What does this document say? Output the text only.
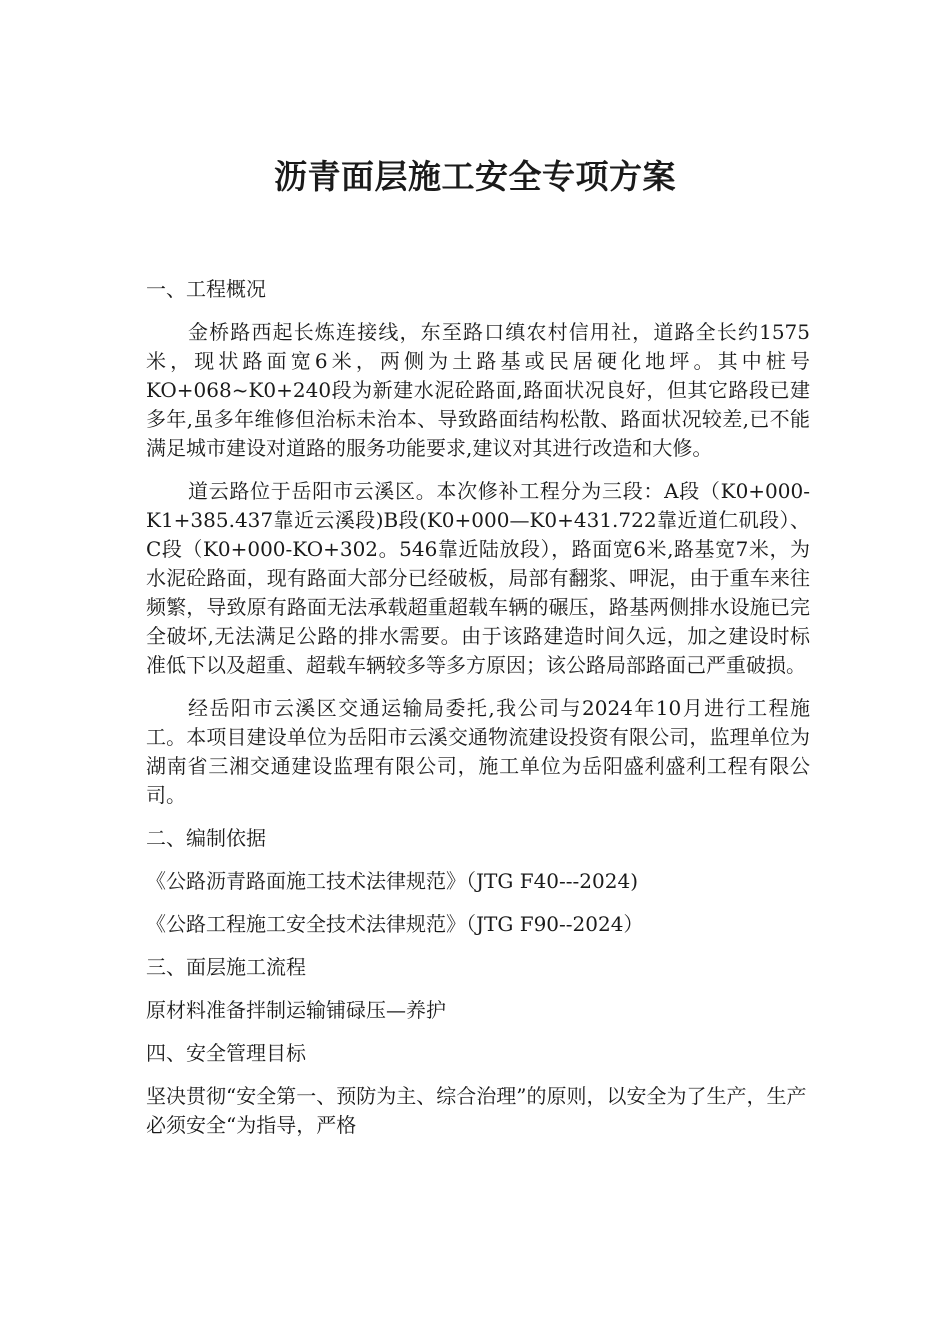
沥青面层施工安全专项方案
一、工程概况

金桥路西起长炼连接线，东至路口缜农村信用社，道路全长约1575米，现状路面宽6米，两侧为土路基或民居硬化地坪。其中桩号KO+068~K0+240段为新建水泥砼路面,路面状况良好，但其它路段已建多年,虽多年维修但治标未治本、导致路面结构松散、路面状况较差,已不能满足城市建设对道路的服务功能要求,建议对其进行改造和大修。

道云路位于岳阳市云溪区。本次修补工程分为三段：A段（K0+000-K1+385.437靠近云溪段)B段(K0+000—K0+431.722靠近道仁矶段）、C段（K0+000-KO+302。546靠近陆放段），路面宽6米,路基宽7米，为水泥砼路面，现有路面大部分已经破板，局部有翻浆、呷泥，由于重车来往频繁，导致原有路面无法承载超重超载车辆的碾压，路基两侧排水设施已完全破坏,无法满足公路的排水需要。由于该路建造时间久远，加之建设时标准低下以及超重、超载车辆较多等多方原因；该公路局部路面己严重破损。

经岳阳市云溪区交通运输局委托,我公司与2024年10月进行工程施工。本项目建设单位为岳阳市云溪交通物流建设投资有限公司，监理单位为湖南省三湘交通建设监理有限公司，施工单位为岳阳盛利盛利工程有限公司。

二、编制依据
《公路沥青路面施工技术法律规范》（JTG F40---2024)
《公路工程施工安全技术法律规范》（JTG F90--2024）
三、面层施工流程
原材料准备拌制运输铺碌压—养护
四、安全管理目标
坚决贯彻“安全第一、预防为主、综合治理”的原则，以安全为了生产，生产必须安全“为指导，严格
